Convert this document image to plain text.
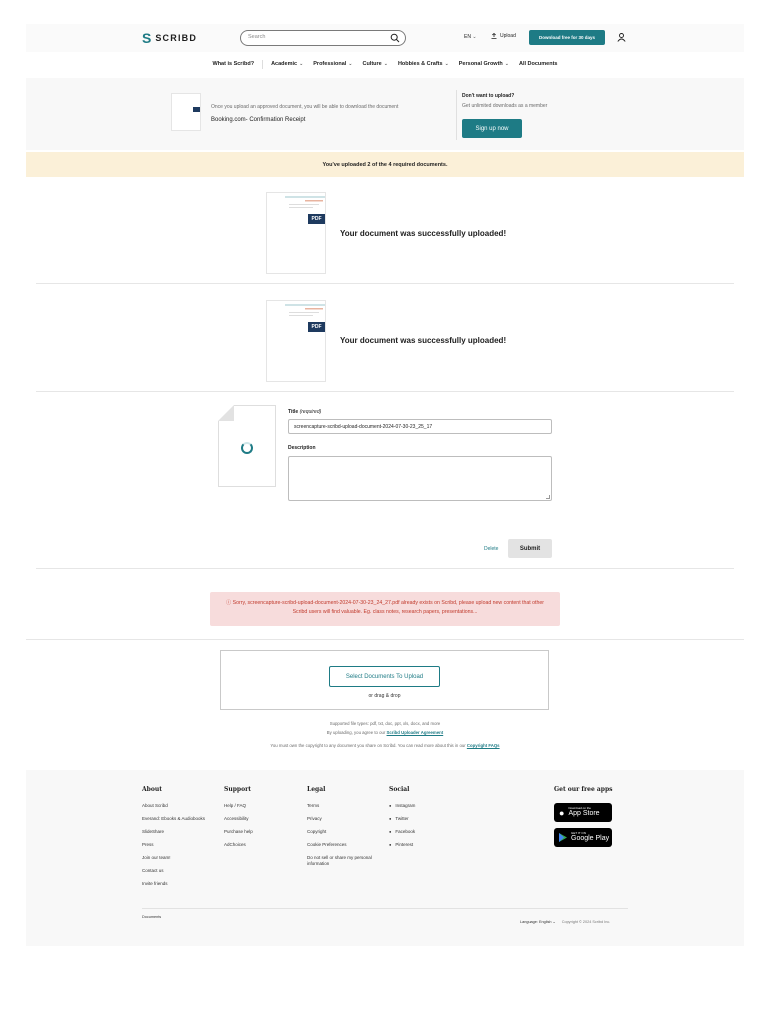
S SCRIBD	Search	EN ⌄	Upload	Download free for 30 days
What is Scribd?	Academic ⌄ Professional ⌄ Culture ⌄ Hobbies & Crafts ⌄ Personal Growth ⌄ All Documents
Once you upload an approved document, you will be able to download the document
Booking.com- Confirmation Receipt
Don't want to upload?
Get unlimited downloads as a member
Sign up now
You've uploaded 2 of the 4 required documents.
PDF
Your document was successfully uploaded!
PDF
Your document was successfully uploaded!
Title (required)
screencapture-scribd-upload-document-2024-07-30-23_25_17
Description
Delete	Submit
ⓘ Sorry, screencapture-scribd-upload-document-2024-07-30-23_24_27.pdf already exists on Scribd, please upload new content that other Scribd users will find valuable. Eg. class notes, research papers, presentations...
Select Documents To Upload
or drag & drop
Supported file types: pdf, txt, doc, ppt, xls, docx, and more
By uploading, you agree to our Scribd Uploader Agreement
You must own the copyright to any document you share on Scribd. You can read more about this in our Copyright FAQs
About
About Scribd
Everand: Ebooks & Audiobooks
SlideShare
Press
Join our team!
Contact us
Invite friends
Support
Help / FAQ
Accessibility
Purchase help
AdChoices
Legal
Terms
Privacy
Copyright
Cookie Preferences
Do not sell or share my personal information
Social
● Instagram
● Twitter
● Facebook
● Pinterest
Get our free apps
● Download on the
App Store
GET IT ON
Google Play
Documents
Language: English ⌄ Copyright © 2024 Scribd Inc.
